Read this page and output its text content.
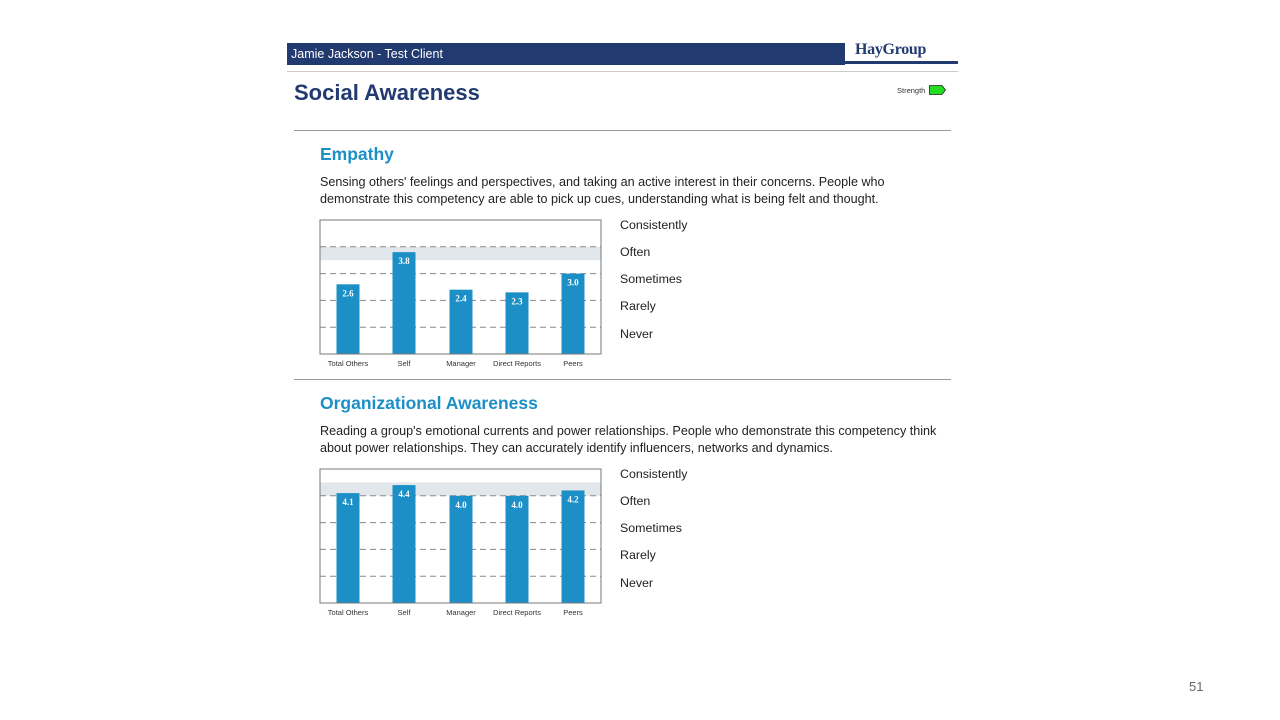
Jamie Jackson - Test Client	HayGroup
Social Awareness	Strength
Empathy
Sensing others' feelings and perspectives, and taking an active interest in their concerns. People who demonstrate this competency are able to pick up cues, understanding what is being felt and thought.
2.6
Total Others
3.8
Self
2.4
Manager
2.3
Direct Reports
3.0
Peers
Consistently
Often
Sometimes
Rarely
Never
Organizational Awareness
Reading a group's emotional currents and power relationships. People who demonstrate this competency think about power relationships. They can accurately identify influencers, networks and dynamics.
4.1
Total Others
4.4
Self
4.0
Manager
4.0
Direct Reports
4.2
Peers
Consistently
Often
Sometimes
Rarely
Never
51
